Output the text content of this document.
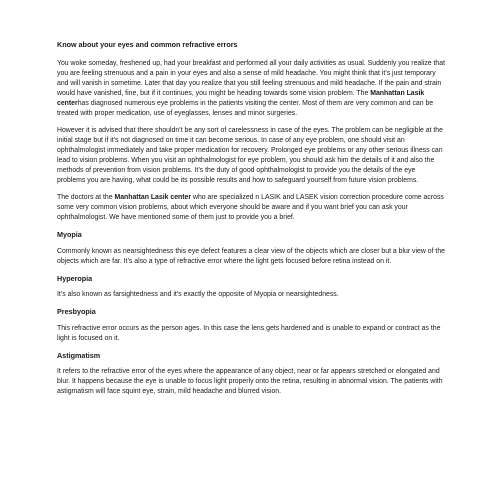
Know about your eyes and common refractive errors

You woke someday, freshened up, had your breakfast and performed all your daily activities as usual. Suddenly you realize that you are feeling strenuous and a pain in your eyes and also a sense of mild headache. You might think that it’s just temporary and will vanish in sometime. Later that day you realize that you still feeling strenuous and mild headache. If the pain and strain would have vanished, fine, but if it continues, you might be heading towards some vision problem. The Manhattan Lasik centerhas diagnosed numerous eye problems in the patients visiting the center. Most of them are very common and can be treated with proper medication, use of eyeglasses, lenses and minor surgeries.

However it is advised that there shouldn’t be any sort of carelessness in case of the eyes. The problem can be negligible at the initial stage but if it’s not diagnosed on time it can become serious. In case of any eye problem, one should visit an ophthalmologist immediately and take proper medication for recovery. Prolonged eye problems or any other serious illness can lead to vision problems. When you visit an ophthalmologist for eye problem, you should ask him the details of it and also the methods of prevention from vision problems. It’s the duty of good ophthalmologist to provide you the details of the eye problems you are having, what could be its possible results and how to safeguard yourself from future vision problems.

The doctors at the Manhattan Lasik center who are specialized n LASIK and LASEK vision correction procedure come across some very common vision problems, about which everyone should be aware and if you want brief you can ask your ophthalmologist. We have mentioned some of them just to provide you a brief.

Myopia

Commonly known as nearsightedness this eye defect features a clear view of the objects which are closer but a blur view of the objects which are far. It’s also a type of refractive error where the light gets focused before retina instead on it.

Hyperopia

It’s also known as farsightedness and it’s exactly the opposite of Myopia or nearsightedness.

Presbyopia

This refractive error occurs as the person ages. In this case the lens gets hardened and is unable to expand or contract as the light is focused on it.

Astigmatism

It refers to the refractive error of the eyes where the appearance of any object, near or far appears stretched or elongated and blur. It happens because the eye is unable to focus light properly onto the retina, resulting in abnormal vision. The patients with astigmatism will face squint eye, strain, mild headache and blurred vision.
